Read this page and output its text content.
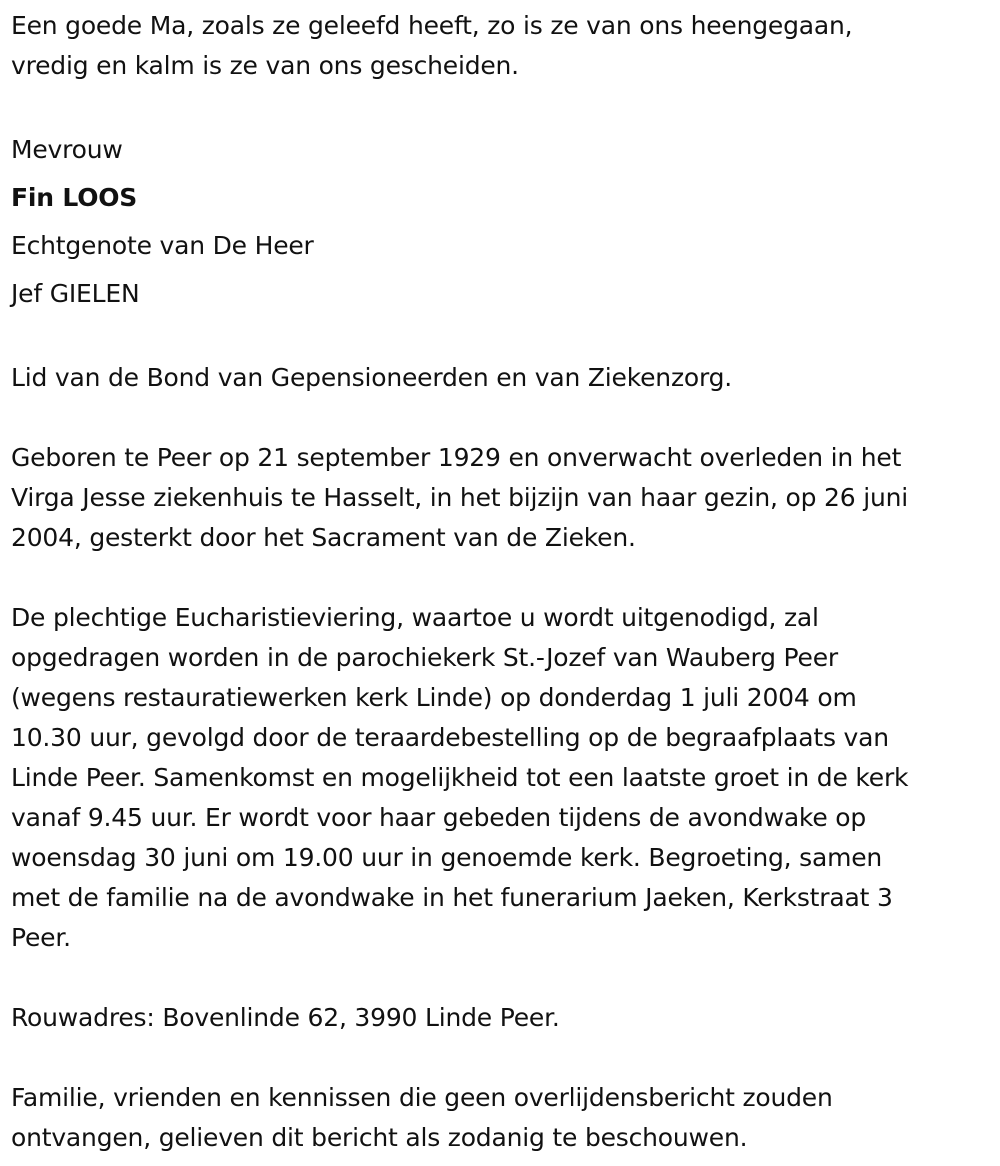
Een goede Ma, zoals ze geleefd heeft, zo is ze van ons heengegaan,
vredig en kalm is ze van ons gescheiden.

Mevrouw

Fin LOOS

Echtgenote van De Heer

Jef GIELEN

Lid van de Bond van Gepensioneerden en van Ziekenzorg.

Geboren te Peer op 21 september 1929 en onverwacht overleden in het
Virga Jesse ziekenhuis te Hasselt, in het bijzijn van haar gezin, op 26 juni
2004, gesterkt door het Sacrament van de Zieken.

De plechtige Eucharistieviering, waartoe u wordt uitgenodigd, zal
opgedragen worden in de parochiekerk St.-Jozef van Wauberg Peer
(wegens restauratiewerken kerk Linde) op donderdag 1 juli 2004 om
10.30 uur, gevolgd door de teraardebestelling op de begraafplaats van
Linde Peer. Samenkomst en mogelijkheid tot een laatste groet in de kerk
vanaf 9.45 uur. Er wordt voor haar gebeden tijdens de avondwake op
woensdag 30 juni om 19.00 uur in genoemde kerk. Begroeting, samen
met de familie na de avondwake in het funerarium Jaeken, Kerkstraat 3
Peer.

Rouwadres: Bovenlinde 62, 3990 Linde Peer.

Familie, vrienden en kennissen die geen overlijdensbericht zouden
ontvangen, gelieven dit bericht als zodanig te beschouwen.
